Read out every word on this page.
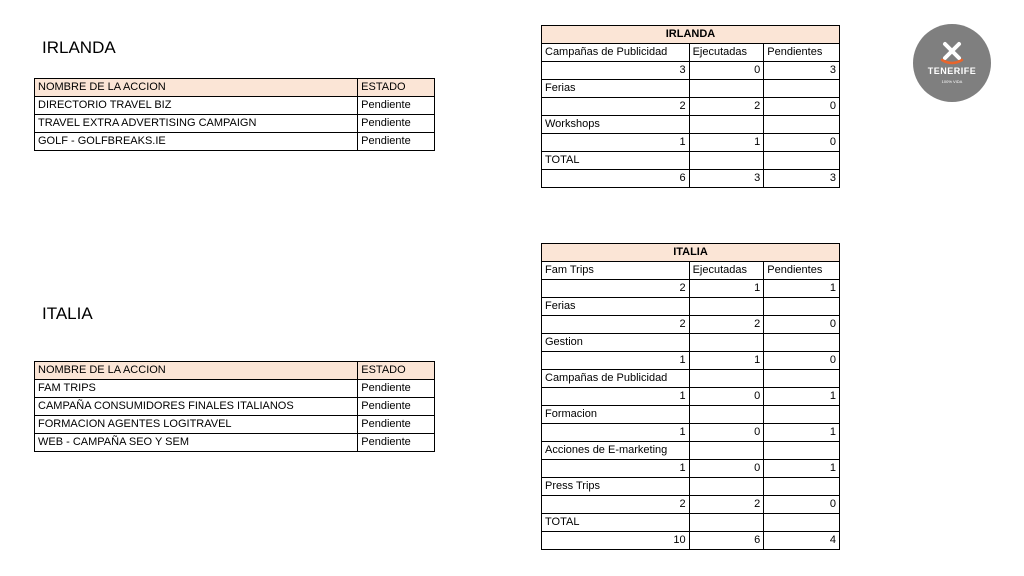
TENERIFE
100% VIDA
IRLANDA
NOMBRE DE LA ACCION	ESTADO
DIRECTORIO TRAVEL BIZ	Pendiente
TRAVEL EXTRA ADVERTISING CAMPAIGN	Pendiente
GOLF - GOLFBREAKS.IE	Pendiente
IRLANDA		
Campañas de Publicidad	Ejecutadas	Pendientes
3	0	3
Ferias		
2	2	0
Workshops		
1	1	0
TOTAL		
6	3	3
ITALIA
NOMBRE DE LA ACCION	ESTADO
FAM TRIPS	Pendiente
CAMPAÑA CONSUMIDORES FINALES ITALIANOS	Pendiente
FORMACION AGENTES LOGITRAVEL	Pendiente
WEB - CAMPAÑA SEO Y SEM	Pendiente
ITALIA		
Fam Trips	Ejecutadas	Pendientes
2	1	1
Ferias		
2	2	0
Gestion		
1	1	0
Campañas de Publicidad		
1	0	1
Formacion		
1	0	1
Acciones de E-marketing		
1	0	1
Press Trips		
2	2	0
TOTAL		
10	6	4
